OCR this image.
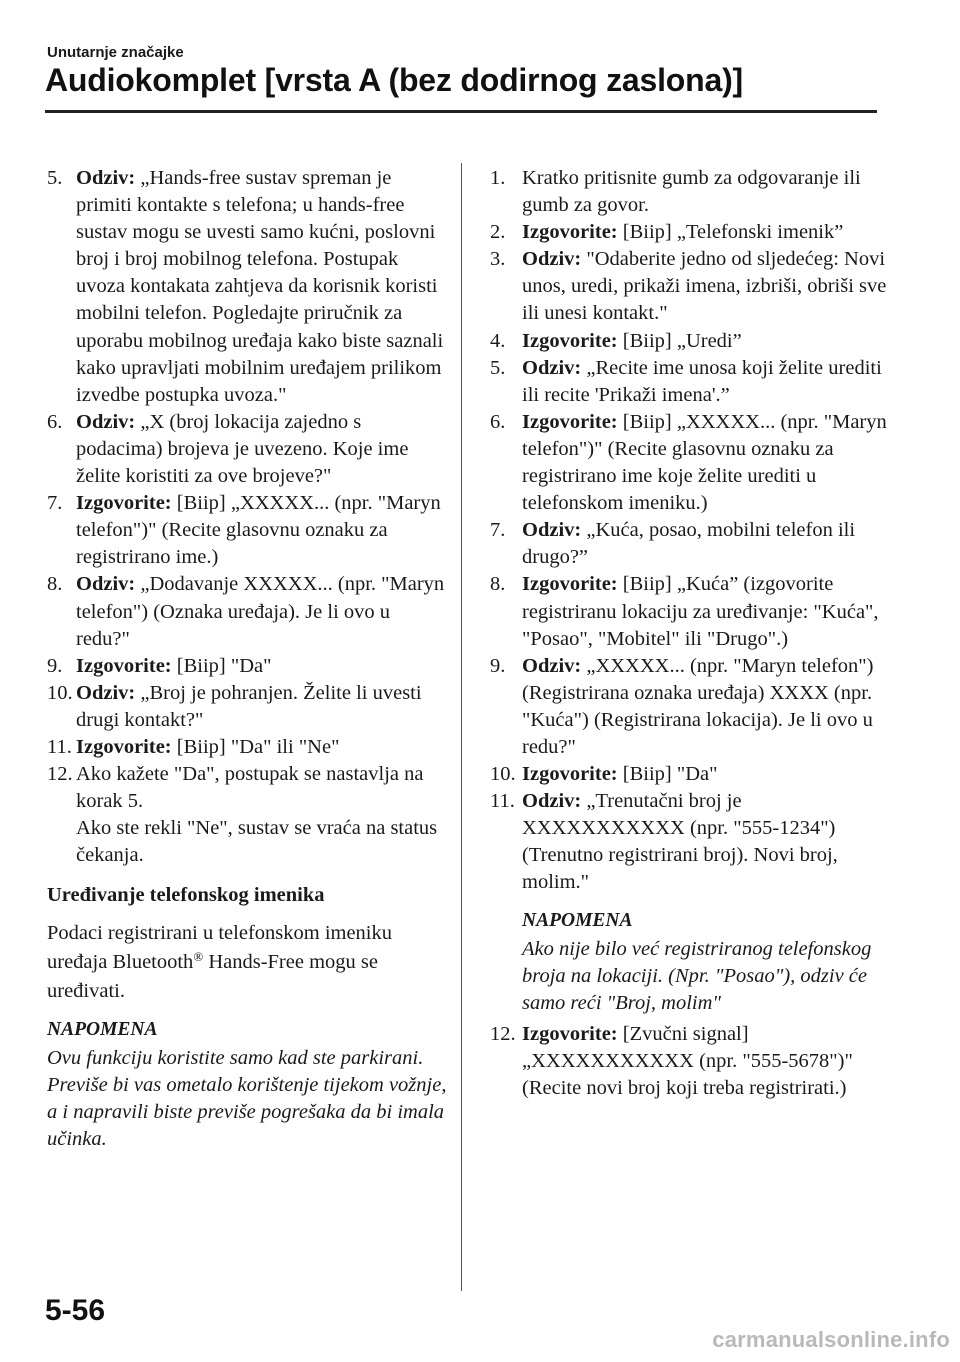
Unutarnje značajke
Audiokomplet [vrsta A (bez dodirnog zaslona)]
5. Odziv: „Hands-free sustav spreman je primiti kontakte s telefona; u hands-free sustav mogu se uvesti samo kućni, poslovni broj i broj mobilnog telefona. Postupak uvoza kontakata zahtjeva da korisnik koristi mobilni telefon. Pogledajte priručnik za uporabu mobilnog uređaja kako biste saznali kako upravljati mobilnim uređajem prilikom izvedbe postupka uvoza."
6. Odziv: „X (broj lokacija zajedno s podacima) brojeva je uvezeno. Koje ime želite koristiti za ove brojeve?"
7. Izgovorite: [Biip] „XXXXX... (npr. "Maryn telefon")" (Recite glasovnu oznaku za registrirano ime.)
8. Odziv: „Dodavanje XXXXX... (npr. "Maryn telefon") (Oznaka uređaja). Je li ovo u redu?"
9. Izgovorite: [Biip] "Da"
10. Odziv: „Broj je pohranjen. Želite li uvesti drugi kontakt?"
11. Izgovorite: [Biip] "Da" ili "Ne"
12. Ako kažete "Da", postupak se nastavlja na korak 5.
Ako ste rekli "Ne", sustav se vraća na status čekanja.
Uređivanje telefonskog imenika
Podaci registrirani u telefonskom imeniku uređaja Bluetooth® Hands-Free mogu se uređivati.
NAPOMENA
Ovu funkciju koristite samo kad ste parkirani. Previše bi vas ometalo korištenje tijekom vožnje, a i napravili biste previše pogrešaka da bi imala učinka.
1. Kratko pritisnite gumb za odgovaranje ili gumb za govor.
2. Izgovorite: [Biip] „Telefonski imenik”
3. Odziv: "Odaberite jedno od sljedećeg: Novi unos, uredi, prikaži imena, izbriši, obriši sve ili unesi kontakt."
4. Izgovorite: [Biip] „Uredi”
5. Odziv: „Recite ime unosa koji želite urediti ili recite 'Prikaži imena'.”
6. Izgovorite: [Biip] „XXXXX... (npr. "Maryn telefon")" (Recite glasovnu oznaku za registrirano ime koje želite urediti u telefonskom imeniku.)
7. Odziv: „Kuća, posao, mobilni telefon ili drugo?”
8. Izgovorite: [Biip] „Kuća” (izgovorite registriranu lokaciju za uređivanje: "Kuća", "Posao", "Mobitel" ili "Drugo".)
9. Odziv: „XXXXX... (npr. "Maryn telefon") (Registrirana oznaka uređaja) XXXX (npr. "Kuća") (Registrirana lokacija). Je li ovo u redu?"
10. Izgovorite: [Biip] "Da"
11. Odziv: „Trenutačni broj je XXXXXXXXXXX (npr. "555-1234") (Trenutno registrirani broj). Novi broj, molim."
NAPOMENA
Ako nije bilo već registriranog telefonskog broja na lokaciji. (Npr. "Posao"), odziv će samo reći "Broj, molim"
12. Izgovorite: [Zvučni signal] „XXXXXXXXXXX (npr. "555-5678")" (Recite novi broj koji treba registrirati.)
5-56
carmanualsonline.info
